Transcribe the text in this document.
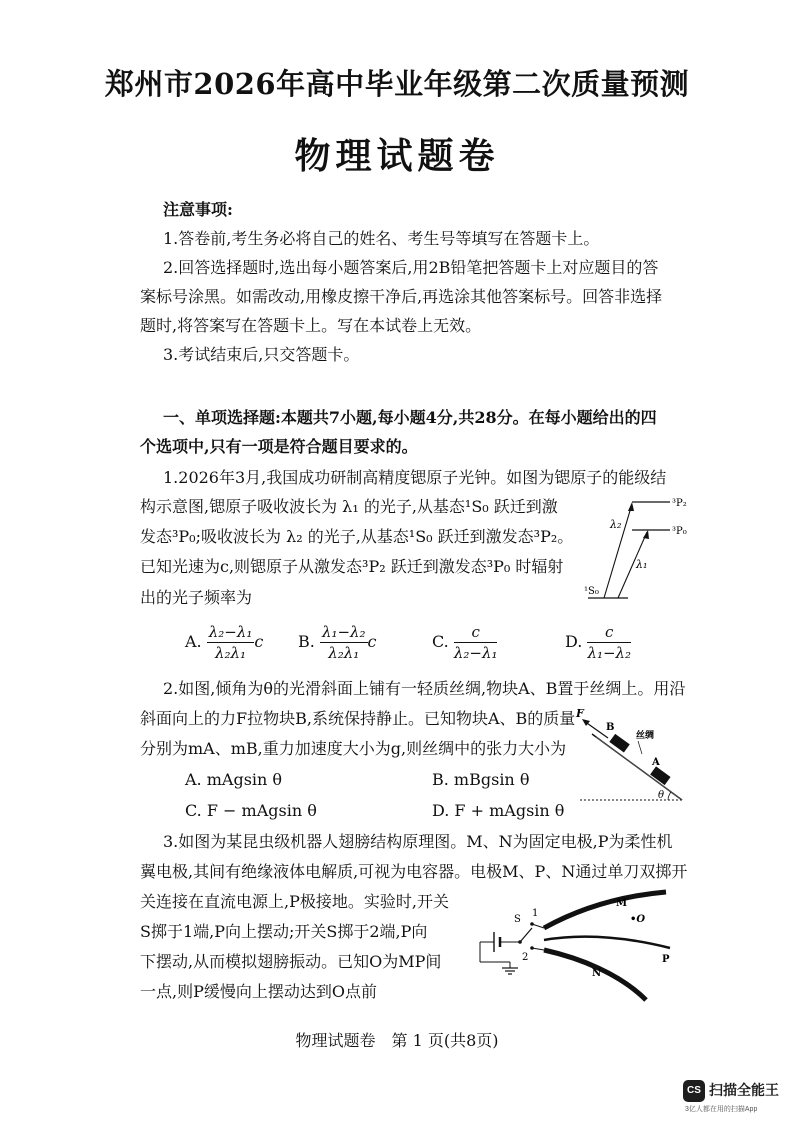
郑州市2026年高中毕业年级第二次质量预测
物理试题卷
注意事项:
1.答卷前,考生务必将自己的姓名、考生号等填写在答题卡上。
2.回答选择题时,选出每小题答案后,用2B铅笔把答题卡上对应题目的答
案标号涂黑。如需改动,用橡皮擦干净后,再选涂其他答案标号。回答非选择
题时,将答案写在答题卡上。写在本试卷上无效。
3.考试结束后,只交答题卡。
一、单项选择题:本题共7小题,每小题4分,共28分。在每小题给出的四
个选项中,只有一项是符合题目要求的。
1.2026年3月,我国成功研制高精度锶原子光钟。如图为锶原子的能级结
构示意图,锶原子吸收波长为 λ₁ 的光子,从基态¹S₀ 跃迁到激
发态³P₀;吸收波长为 λ₂ 的光子,从基态¹S₀ 跃迁到激发态³P₂。
已知光速为c,则锶原子从激发态³P₂ 跃迁到激发态³P₀ 时辐射
出的光子频率为
³P₂
³P₀
¹S₀
λ₂
λ₁
A. $\frac{\text{λ₂−λ₁}}{\text{λ₂λ₁}}$ c B. $\frac{\text{λ₁−λ₂}}{\text{λ₂λ₁}}$ c	C. $\frac{c}{\text{λ₂−λ₁}}$	D. $\frac{c}{\text{λ₁−λ₂}}$
2.如图,倾角为θ的光滑斜面上铺有一轻质丝绸,物块A、B置于丝绸上。用沿
斜面向上的力F拉物块B,系统保持静止。已知物块A、B的质量
分别为mA、mB,重力加速度大小为g,则丝绸中的张力大小为
A. mAgsin θ	B. mBgsin θ
C. F − mAgsin θ	D. F + mAgsin θ
F
B
A
丝绸
θ
3.如图为某昆虫级机器人翅膀结构原理图。M、N为固定电极,P为柔性机
翼电极,其间有绝缘液体电解质,可视为电容器。电极M、P、N通过单刀双掷开
关连接在直流电源上,P极接地。实验时,开关
S掷于1端,P向上摆动;开关S掷于2端,P向
下摆动,从而模拟翅膀振动。已知O为MP间
一点,则P缓慢向上摆动达到O点前
M
•O
P
N
S
1
2
物理试题卷　第 1 页(共8页)
CS 扫描全能王
3亿人都在用的扫描App
